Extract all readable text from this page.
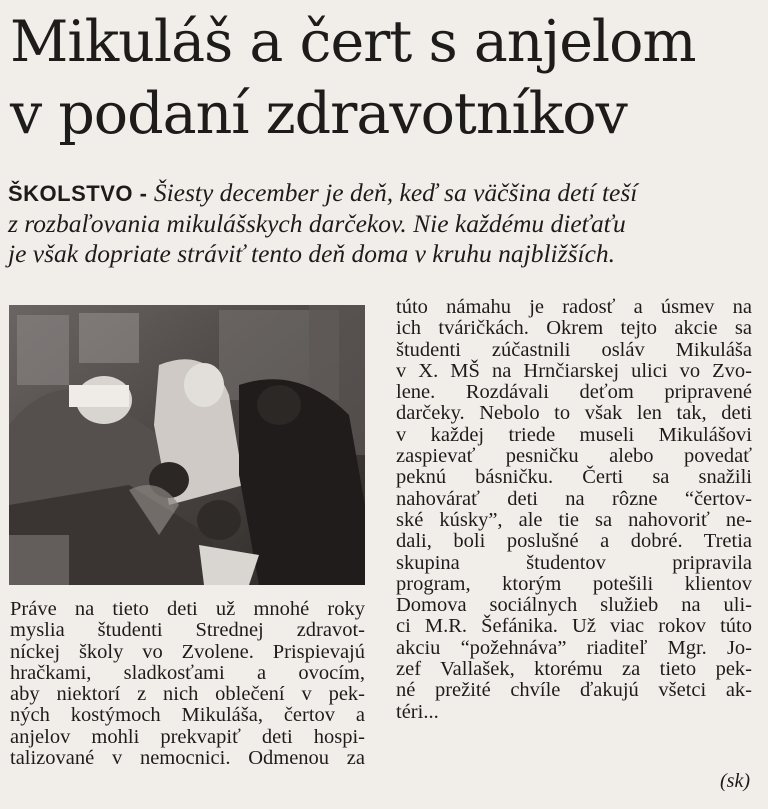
Mikuláš a čert s anjelom
v podaní zdravotníkov
ŠKOLSTVO - Šiesty december je deň, keď sa väčšina detí teší
z rozbaľovania mikulášskych darčekov. Nie každému dieťaťu
je však dopriate stráviť tento deň doma v kruhu najbližších.
Práve na tieto deti už mnohé roky
myslia študenti Strednej zdravot-
níckej školy vo Zvolene. Prispievajú
hračkami, sladkosťami a ovocím,
aby niektorí z nich oblečení v pek-
ných kostýmoch Mikuláša, čertov a
anjelov mohli prekvapiť deti hospi-
talizované v nemocnici. Odmenou za
túto námahu je radosť a úsmev na
ich tváričkách. Okrem tejto akcie sa
študenti zúčastnili osláv Mikuláša
v X. MŠ na Hrnčiarskej ulici vo Zvo-
lene. Rozdávali deťom pripravené
darčeky. Nebolo to však len tak, deti
v každej triede museli Mikulášovi
zaspievať pesničku alebo povedať
peknú básničku. Čerti sa snažili
nahovárať deti na rôzne “čertov-
ské kúsky”, ale tie sa nahovoriť ne-
dali, boli poslušné a dobré. Tretia
skupina študentov pripravila
program, ktorým potešili klientov
Domova sociálnych služieb na uli-
ci M.R. Šefánika. Už viac rokov túto
akciu “požehnáva” riaditeľ Mgr. Jo-
zef Vallašek, ktorému za tieto pek-
né prežité chvíle ďakujú všetci ak-
téri...
(sk)
